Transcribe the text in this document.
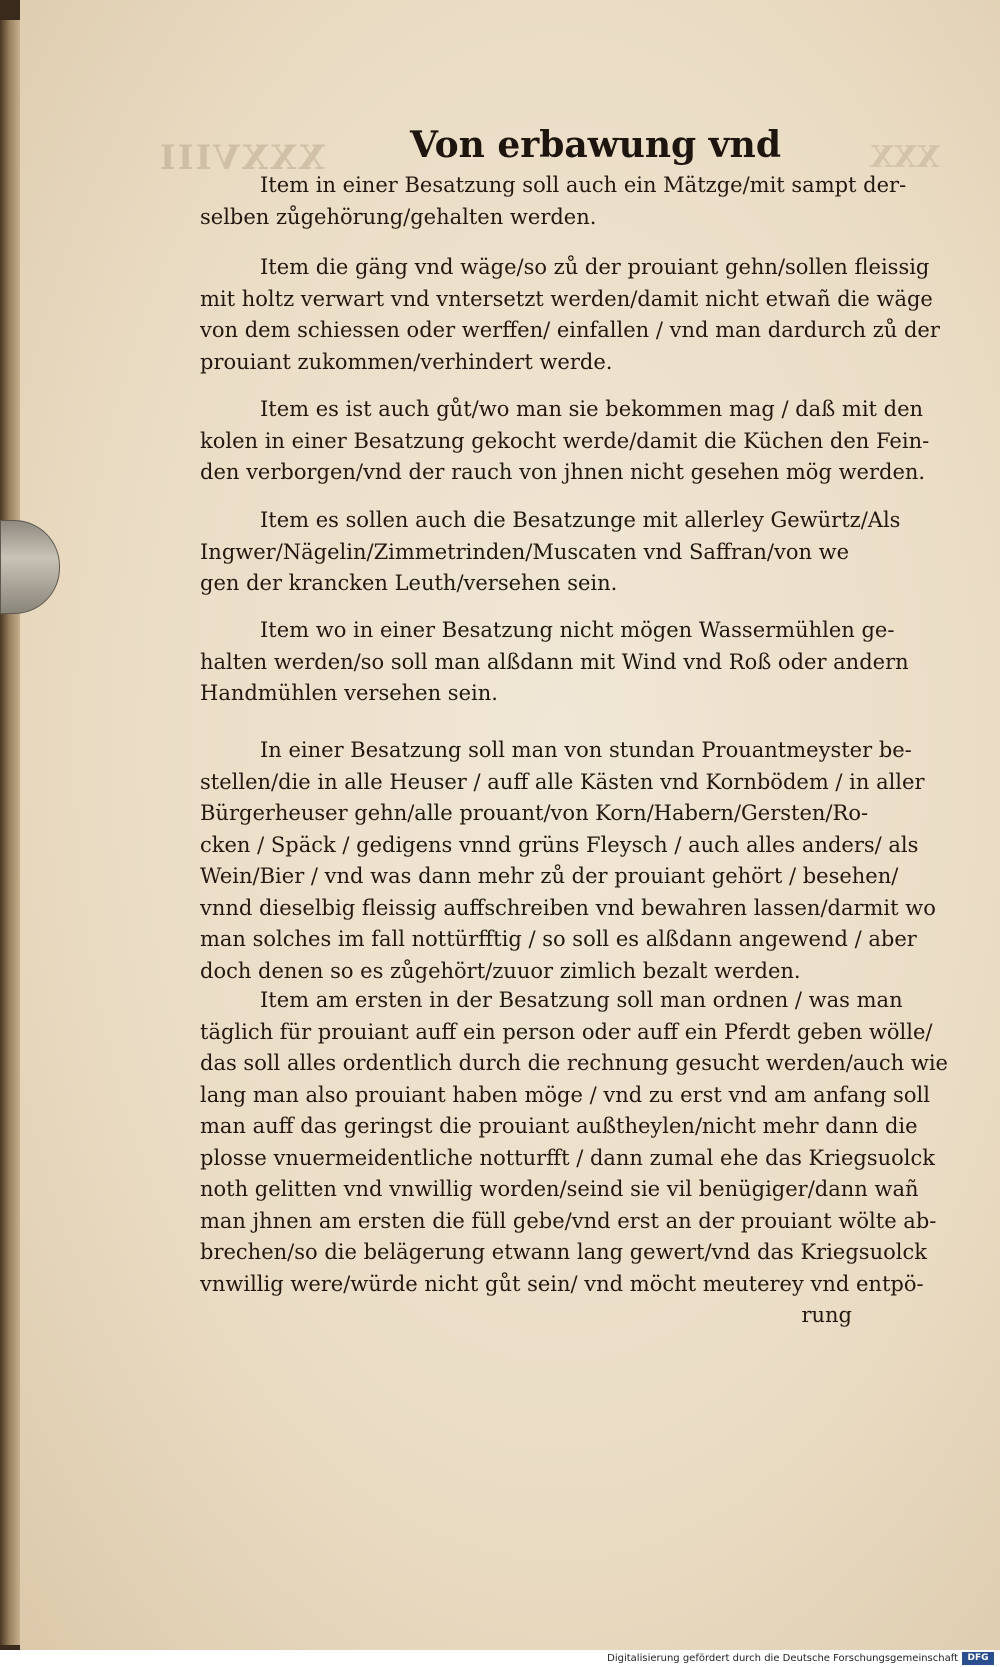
XXXVIII	XXX
Von erbawung vnd
Item in einer Besatzung soll auch ein Mätzge/mit sampt der-
selben zůgehörung/gehalten werden.
Item die gäng vnd wäge/so zů der prouiant gehn/sollen fleissig
mit holtz verwart vnd vntersetzt werden/damit nicht etwañ die wäge
von dem schiessen oder werffen/ einfallen / vnd man dardurch zů der
prouiant zukommen/verhindert werde.
Item es ist auch gůt/wo man sie bekommen mag / daß mit den
kolen in einer Besatzung gekocht werde/damit die Küchen den Fein-
den verborgen/vnd der rauch von jhnen nicht gesehen mög werden.
Item es sollen auch die Besatzunge mit allerley Gewürtz/Als
Ingwer/Nägelin/Zimmetrinden/Muscaten vnd Saffran/von we
gen der krancken Leuth/versehen sein.
Item wo in einer Besatzung nicht mögen Wassermühlen ge-
halten werden/so soll man alßdann mit Wind vnd Roß oder andern
Handmühlen versehen sein.
In einer Besatzung soll man von stundan Prouantmeyster be-
stellen/die in alle Heuser / auff alle Kästen vnd Kornbödem / in aller
Bürgerheuser gehn/alle prouant/von Korn/Habern/Gersten/Ro-
cken / Späck / gedigens vnnd grüns Fleysch / auch alles anders/ als
Wein/Bier / vnd was dann mehr zů der prouiant gehört / besehen/
vnnd dieselbig fleissig auffschreiben vnd bewahren lassen/darmit wo
man solches im fall nottürfftig / so soll es alßdann angewend / aber
doch denen so es zůgehört/zuuor zimlich bezalt werden.
Item am ersten in der Besatzung soll man ordnen / was man
täglich für prouiant auff ein person oder auff ein Pferdt geben wölle/
das soll alles ordentlich durch die rechnung gesucht werden/auch wie
lang man also prouiant haben möge / vnd zu erst vnd am anfang soll
man auff das geringst die prouiant außtheylen/nicht mehr dann die
plosse vnuermeidentliche notturfft / dann zumal ehe das Kriegsuolck
noth gelitten vnd vnwillig worden/seind sie vil benügiger/dann wañ
man jhnen am ersten die füll gebe/vnd erst an der prouiant wölte ab-
brechen/so die belägerung etwann lang gewert/vnd das Kriegsuolck
vnwillig were/würde nicht gůt sein/ vnd möcht meuterey vnd entpö-
rung
Digitalisierung gefördert durch die Deutsche Forschungsgemeinschaft	DFG
